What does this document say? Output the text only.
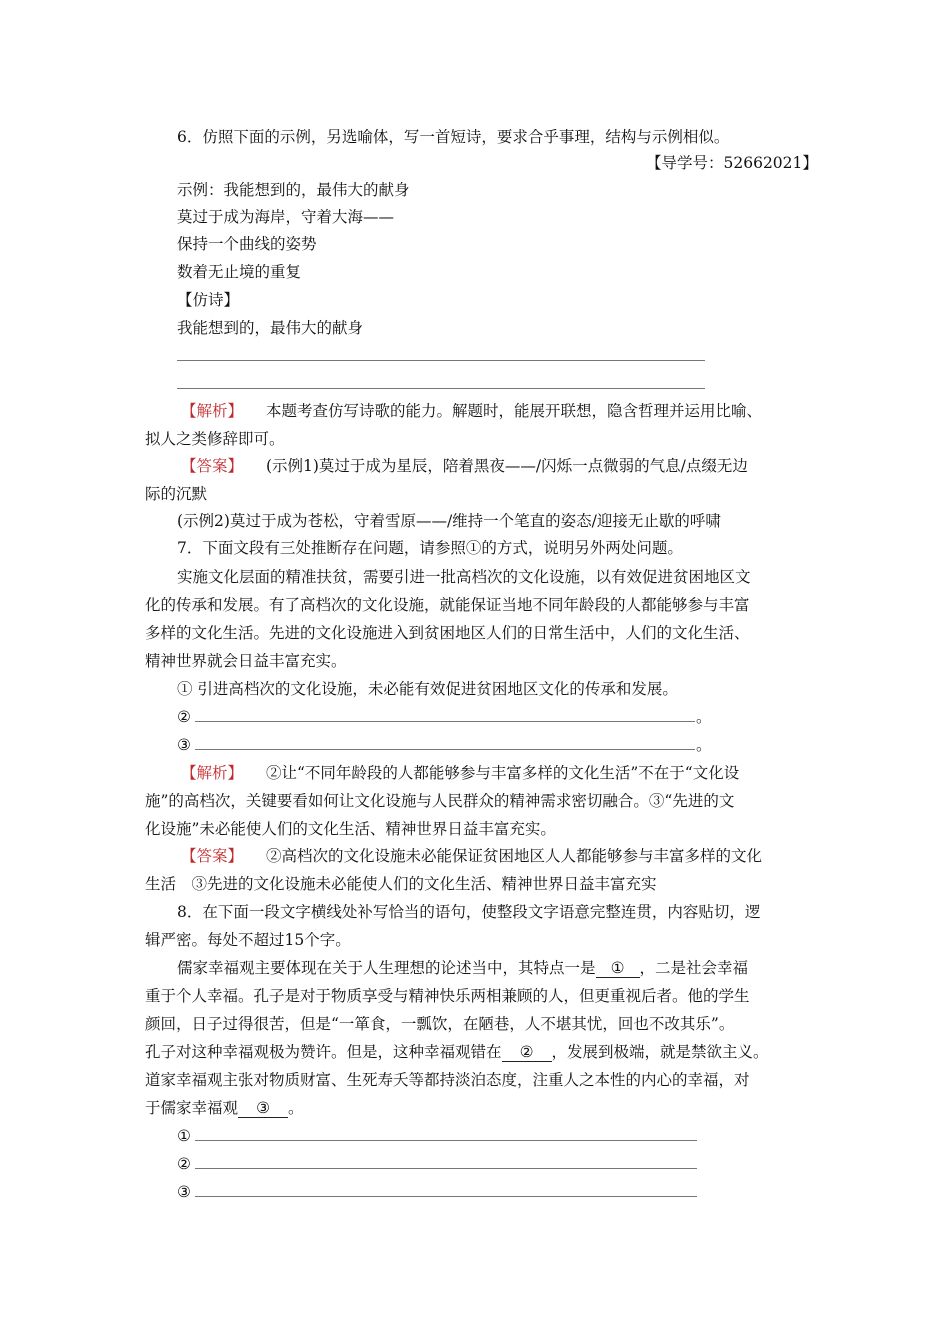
6．仿照下面的示例，另选喻体，写一首短诗，要求合乎事理，结构与示例相似。
【导学号：52662021】
示例：我能想到的，最伟大的献身
莫过于成为海岸，守着大海——
保持一个曲线的姿势
数着无止境的重复
【仿诗】
我能想到的，最伟大的献身
【解析】 本题考查仿写诗歌的能力。解题时，能展开联想，隐含哲理并运用比喻、
拟人之类修辞即可。
【答案】 (示例1)莫过于成为星辰，陪着黑夜——/闪烁一点微弱的气息/点缀无边
际的沉默
(示例2)莫过于成为苍松，守着雪原——/维持一个笔直的姿态/迎接无止歇的呼啸
7．下面文段有三处推断存在问题，请参照①的方式，说明另外两处问题。
实施文化层面的精准扶贫，需要引进一批高档次的文化设施，以有效促进贫困地区文
化的传承和发展。有了高档次的文化设施，就能保证当地不同年龄段的人都能够参与丰富
多样的文化生活。先进的文化设施进入到贫困地区人们的日常生活中，人们的文化生活、
精神世界就会日益丰富充实。
① 引进高档次的文化设施，未必能有效促进贫困地区文化的传承和发展。
②	。
③	。
【解析】 ②让“不同年龄段的人都能够参与丰富多样的文化生活”不在于“文化设
施”的高档次，关键要看如何让文化设施与人民群众的精神需求密切融合。③“先进的文
化设施”未必能使人们的文化生活、精神世界日益丰富充实。
【答案】 ②高档次的文化设施未必能保证贫困地区人人都能够参与丰富多样的文化
生活　③先进的文化设施未必能使人们的文化生活、精神世界日益丰富充实
8．在下面一段文字横线处补写恰当的语句，使整段文字语意完整连贯，内容贴切，逻
辑严密。每处不超过15个字。
儒家幸福观主要体现在关于人生理想的论述当中，其特点一是 ① ，二是社会幸福
重于个人幸福。孔子是对于物质享受与精神快乐两相兼顾的人，但更重视后者。他的学生
颜回，日子过得很苦，但是“一箪食，一瓢饮，在陋巷，人不堪其忧，回也不改其乐”。
孔子对这种幸福观极为赞许。但是，这种幸福观错在 ② ，发展到极端，就是禁欲主义。
道家幸福观主张对物质财富、生死寿夭等都持淡泊态度，注重人之本性的内心的幸福，对
于儒家幸福观 ③ 。
①
②
③
